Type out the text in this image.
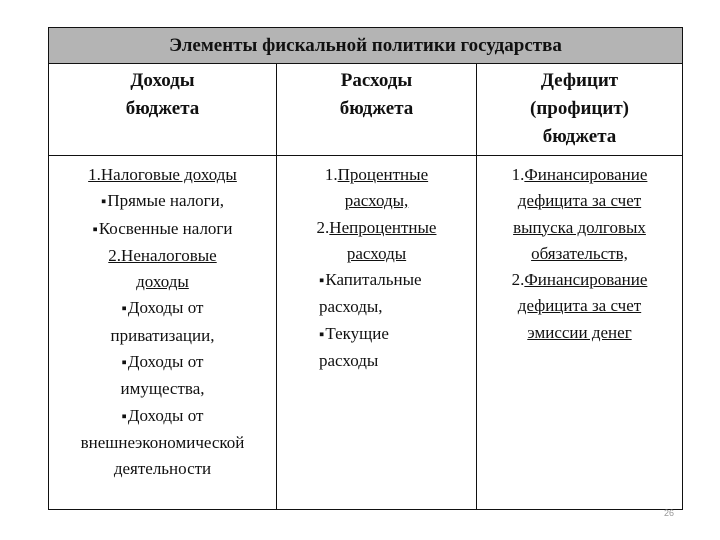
Элементы фискальной политики государства
Доходы
бюджета
1.Налоговые доходы
▪ Прямые налоги,
▪ Косвенные налоги
2.Неналоговые
доходы
▪ Доходы от
приватизации,
▪ Доходы от
имущества,
▪ Доходы от
внешнеэкономической
деятельности
Расходы
бюджета
1.Процентные
расходы,
2.Непроцентные
расходы
▪ Капитальные
расходы,
▪ Текущие
расходы
Дефицит
(профицит)
бюджета
1.Финансирование
дефицита за счет
выпуска долговых
обязательств,
2.Финансирование
дефицита за счет
эмиссии денег
26
